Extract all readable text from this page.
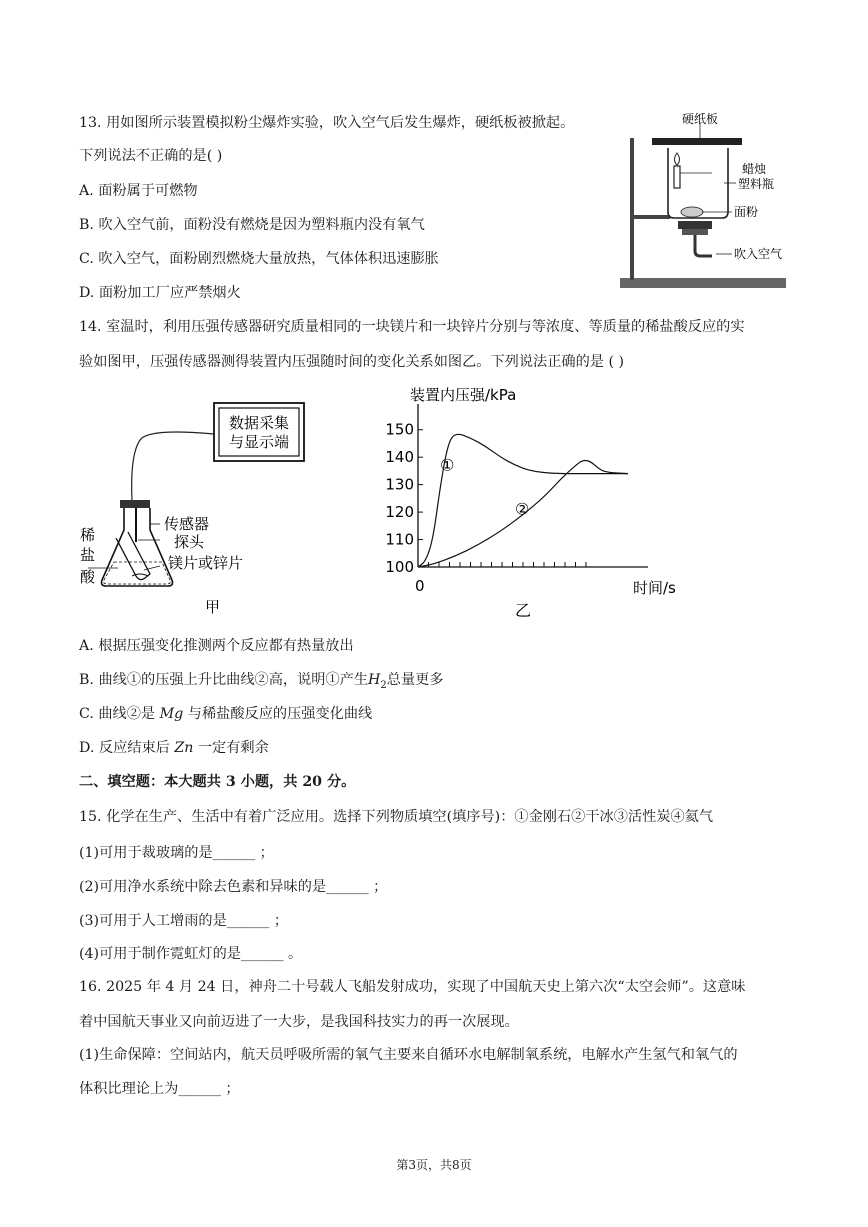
13. 用如图所示装置模拟粉尘爆炸实验，吹入空气后发生爆炸，硬纸板被掀起。
下列说法不正确的是( )
A. 面粉属于可燃物
B. 吹入空气前，面粉没有燃烧是因为塑料瓶内没有氧气
C. 吹入空气，面粉剧烈燃烧大量放热，气体体积迅速膨胀
D. 面粉加工厂应严禁烟火
硬纸板
蜡烛
塑料瓶
面粉
吹入空气
14. 室温时，利用压强传感器研究质量相同的一块镁片和一块锌片分别与等浓度、等质量的稀盐酸反应的实
验如图甲，压强传感器测得装置内压强随时间的变化关系如图乙。下列说法正确的是 ( )
数据采集
与显示端
传感器
探头
镁片或锌片
稀
盐
酸
甲
装置内压强/kPa
时间/s
0
乙
150
140
130
120
110
100
①
②
A. 根据压强变化推测两个反应都有热量放出
B. 曲线①的压强上升比曲线②高，说明①产生$H_2$总量更多
C. 曲线②是 Mg 与稀盐酸反应的压强变化曲线
D. 反应结束后 Zn 一定有剩余
二、填空题：本大题共 3 小题，共 20 分。
15. 化学在生产、生活中有着广泛应用。选择下列物质填空(填序号)：①金刚石②干冰③活性炭④氦气
(1)可用于裁玻璃的是______ ；
(2)可用净水系统中除去色素和异味的是______ ；
(3)可用于人工增雨的是______ ；
(4)可用于制作霓虹灯的是______ 。
16. 2025 年 4 月 24 日，神舟二十号载人飞船发射成功，实现了中国航天史上第六次“太空会师”。这意味
着中国航天事业又向前迈进了一大步，是我国科技实力的再一次展现。
(1)生命保障：空间站内，航天员呼吸所需的氧气主要来自循环水电解制氧系统，电解水产生氢气和氧气的
体积比理论上为______ ；
第3页，共8页
